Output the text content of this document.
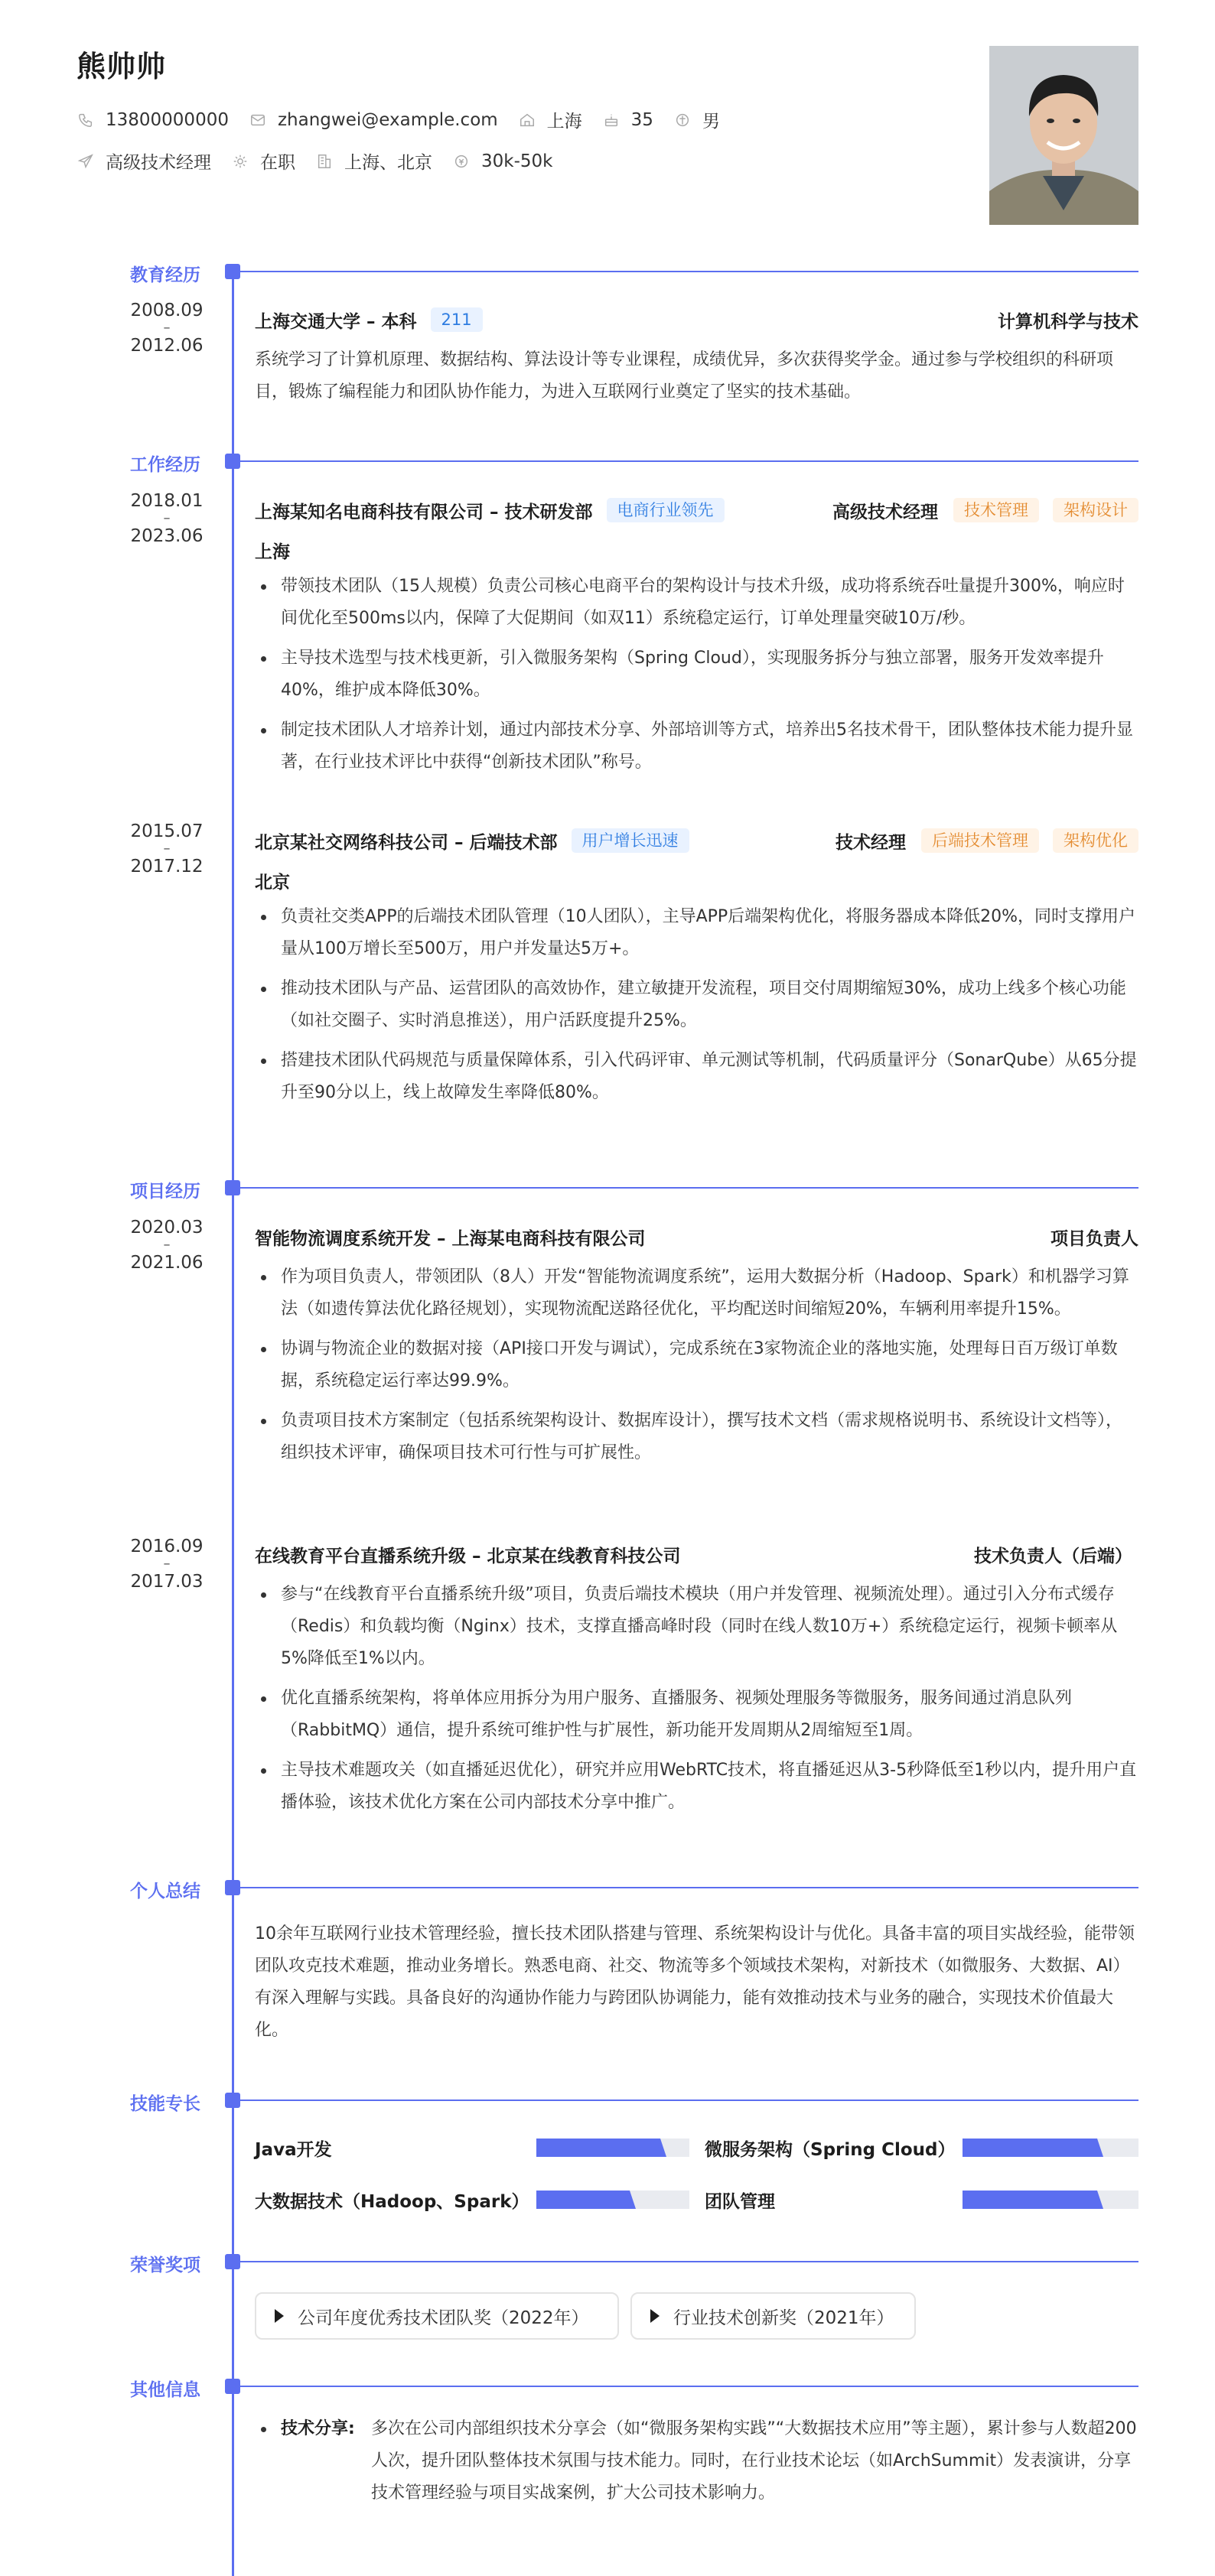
熊帅帅
13800000000	zhangwei@example.com	上海	35	男
高级技术经理	在职	上海、北京	30k-50k
教育经历
2008.09
–
2012.06
上海交通大学 – 本科	211	计算机科学与技术
系统学习了计算机原理、数据结构、算法设计等专业课程，成绩优异，多次获得奖学金。通过参与学校组织的科研项目，锻炼了编程能力和团队协作能力，为进入互联网行业奠定了坚实的技术基础。
工作经历
2018.01
–
2023.06
上海某知名电商科技有限公司 – 技术研发部	电商行业领先	高级技术经理	技术管理	架构设计
上海
带领技术团队（15人规模）负责公司核心电商平台的架构设计与技术升级，成功将系统吞吐量提升300%，响应时间优化至500ms以内，保障了大促期间（如双11）系统稳定运行，订单处理量突破10万/秒。
主导技术选型与技术栈更新，引入微服务架构（Spring Cloud），实现服务拆分与独立部署，服务开发效率提升40%，维护成本降低30%。
制定技术团队人才培养计划，通过内部技术分享、外部培训等方式，培养出5名技术骨干，团队整体技术能力提升显著，在行业技术评比中获得“创新技术团队”称号。
2015.07
–
2017.12
北京某社交网络科技公司 – 后端技术部	用户增长迅速	技术经理	后端技术管理	架构优化
北京
负责社交类APP的后端技术团队管理（10人团队），主导APP后端架构优化，将服务器成本降低20%，同时支撑用户量从100万增长至500万，用户并发量达5万+。
推动技术团队与产品、运营团队的高效协作，建立敏捷开发流程，项目交付周期缩短30%，成功上线多个核心功能（如社交圈子、实时消息推送），用户活跃度提升25%。
搭建技术团队代码规范与质量保障体系，引入代码评审、单元测试等机制，代码质量评分（SonarQube）从65分提升至90分以上，线上故障发生率降低80%。
项目经历
2020.03
–
2021.06
智能物流调度系统开发 – 上海某电商科技有限公司	项目负责人
作为项目负责人，带领团队（8人）开发“智能物流调度系统”，运用大数据分析（Hadoop、Spark）和机器学习算法（如遗传算法优化路径规划），实现物流配送路径优化，平均配送时间缩短20%，车辆利用率提升15%。
协调与物流企业的数据对接（API接口开发与调试），完成系统在3家物流企业的落地实施，处理每日百万级订单数据，系统稳定运行率达99.9%。
负责项目技术方案制定（包括系统架构设计、数据库设计），撰写技术文档（需求规格说明书、系统设计文档等），组织技术评审，确保项目技术可行性与可扩展性。
2016.09
–
2017.03
在线教育平台直播系统升级 – 北京某在线教育科技公司	技术负责人（后端）
参与“在线教育平台直播系统升级”项目，负责后端技术模块（用户并发管理、视频流处理）。通过引入分布式缓存（Redis）和负载均衡（Nginx）技术，支撑直播高峰时段（同时在线人数10万+）系统稳定运行，视频卡顿率从5%降低至1%以内。
优化直播系统架构，将单体应用拆分为用户服务、直播服务、视频处理服务等微服务，服务间通过消息队列（RabbitMQ）通信，提升系统可维护性与扩展性，新功能开发周期从2周缩短至1周。
主导技术难题攻关（如直播延迟优化），研究并应用WebRTC技术，将直播延迟从3-5秒降低至1秒以内，提升用户直播体验，该技术优化方案在公司内部技术分享中推广。
个人总结
10余年互联网行业技术管理经验，擅长技术团队搭建与管理、系统架构设计与优化。具备丰富的项目实战经验，能带领团队攻克技术难题，推动业务增长。熟悉电商、社交、物流等多个领域技术架构，对新技术（如微服务、大数据、AI）有深入理解与实践。具备良好的沟通协作能力与跨团队协调能力，能有效推动技术与业务的融合，实现技术价值最大化。
技能专长
Java开发	微服务架构（Spring Cloud）
大数据技术（Hadoop、Spark）	团队管理
荣誉奖项
公司年度优秀技术团队奖（2022年）	行业技术创新奖（2021年）
其他信息
技术分享: 多次在公司内部组织技术分享会（如“微服务架构实践”“大数据技术应用”等主题），累计参与人数超200人次，提升团队整体技术氛围与技术能力。同时，在行业技术论坛（如ArchSummit）发表演讲，分享技术管理经验与项目实战案例，扩大公司技术影响力。
